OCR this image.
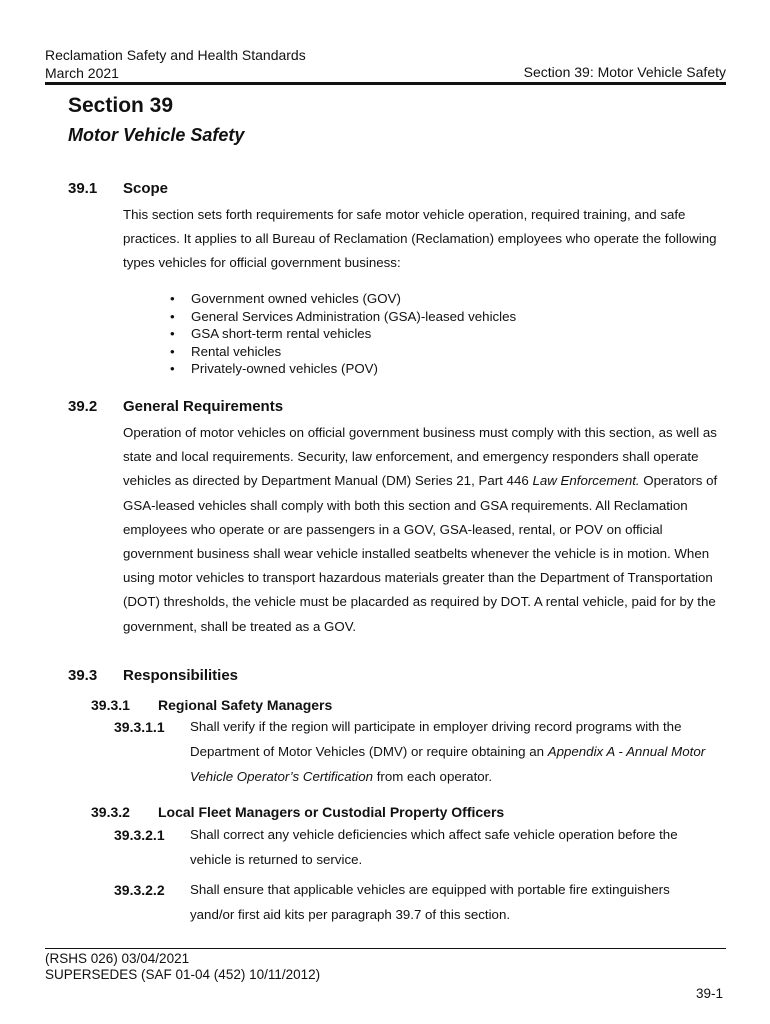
Reclamation Safety and Health Standards
March 2021	Section 39: Motor Vehicle Safety
Section 39
Motor Vehicle Safety
39.1 Scope
This section sets forth requirements for safe motor vehicle operation, required training, and safe practices. It applies to all Bureau of Reclamation (Reclamation) employees who operate the following types vehicles for official government business:
• Government owned vehicles (GOV)
• General Services Administration (GSA)-leased vehicles
• GSA short-term rental vehicles
• Rental vehicles
• Privately-owned vehicles (POV)
39.2 General Requirements
Operation of motor vehicles on official government business must comply with this section, as well as state and local requirements. Security, law enforcement, and emergency responders shall operate vehicles as directed by Department Manual (DM) Series 21, Part 446 Law Enforcement. Operators of GSA-leased vehicles shall comply with both this section and GSA requirements. All Reclamation employees who operate or are passengers in a GOV, GSA-leased, rental, or POV on official government business shall wear vehicle installed seatbelts whenever the vehicle is in motion. When using motor vehicles to transport hazardous materials greater than the Department of Transportation (DOT) thresholds, the vehicle must be placarded as required by DOT. A rental vehicle, paid for by the government, shall be treated as a GOV.
39.3 Responsibilities
39.3.1 Regional Safety Managers
39.3.1.1 Shall verify if the region will participate in employer driving record programs with the Department of Motor Vehicles (DMV) or require obtaining an Appendix A - Annual Motor Vehicle Operator’s Certification from each operator.
39.3.2 Local Fleet Managers or Custodial Property Officers
39.3.2.1 Shall correct any vehicle deficiencies which affect safe vehicle operation before the vehicle is returned to service.
39.3.2.2 Shall ensure that applicable vehicles are equipped with portable fire extinguishers yand/or first aid kits per paragraph 39.7 of this section.
(RSHS 026) 03/04/2021
SUPERSEDES (SAF 01-04 (452) 10/11/2012)
39-1
